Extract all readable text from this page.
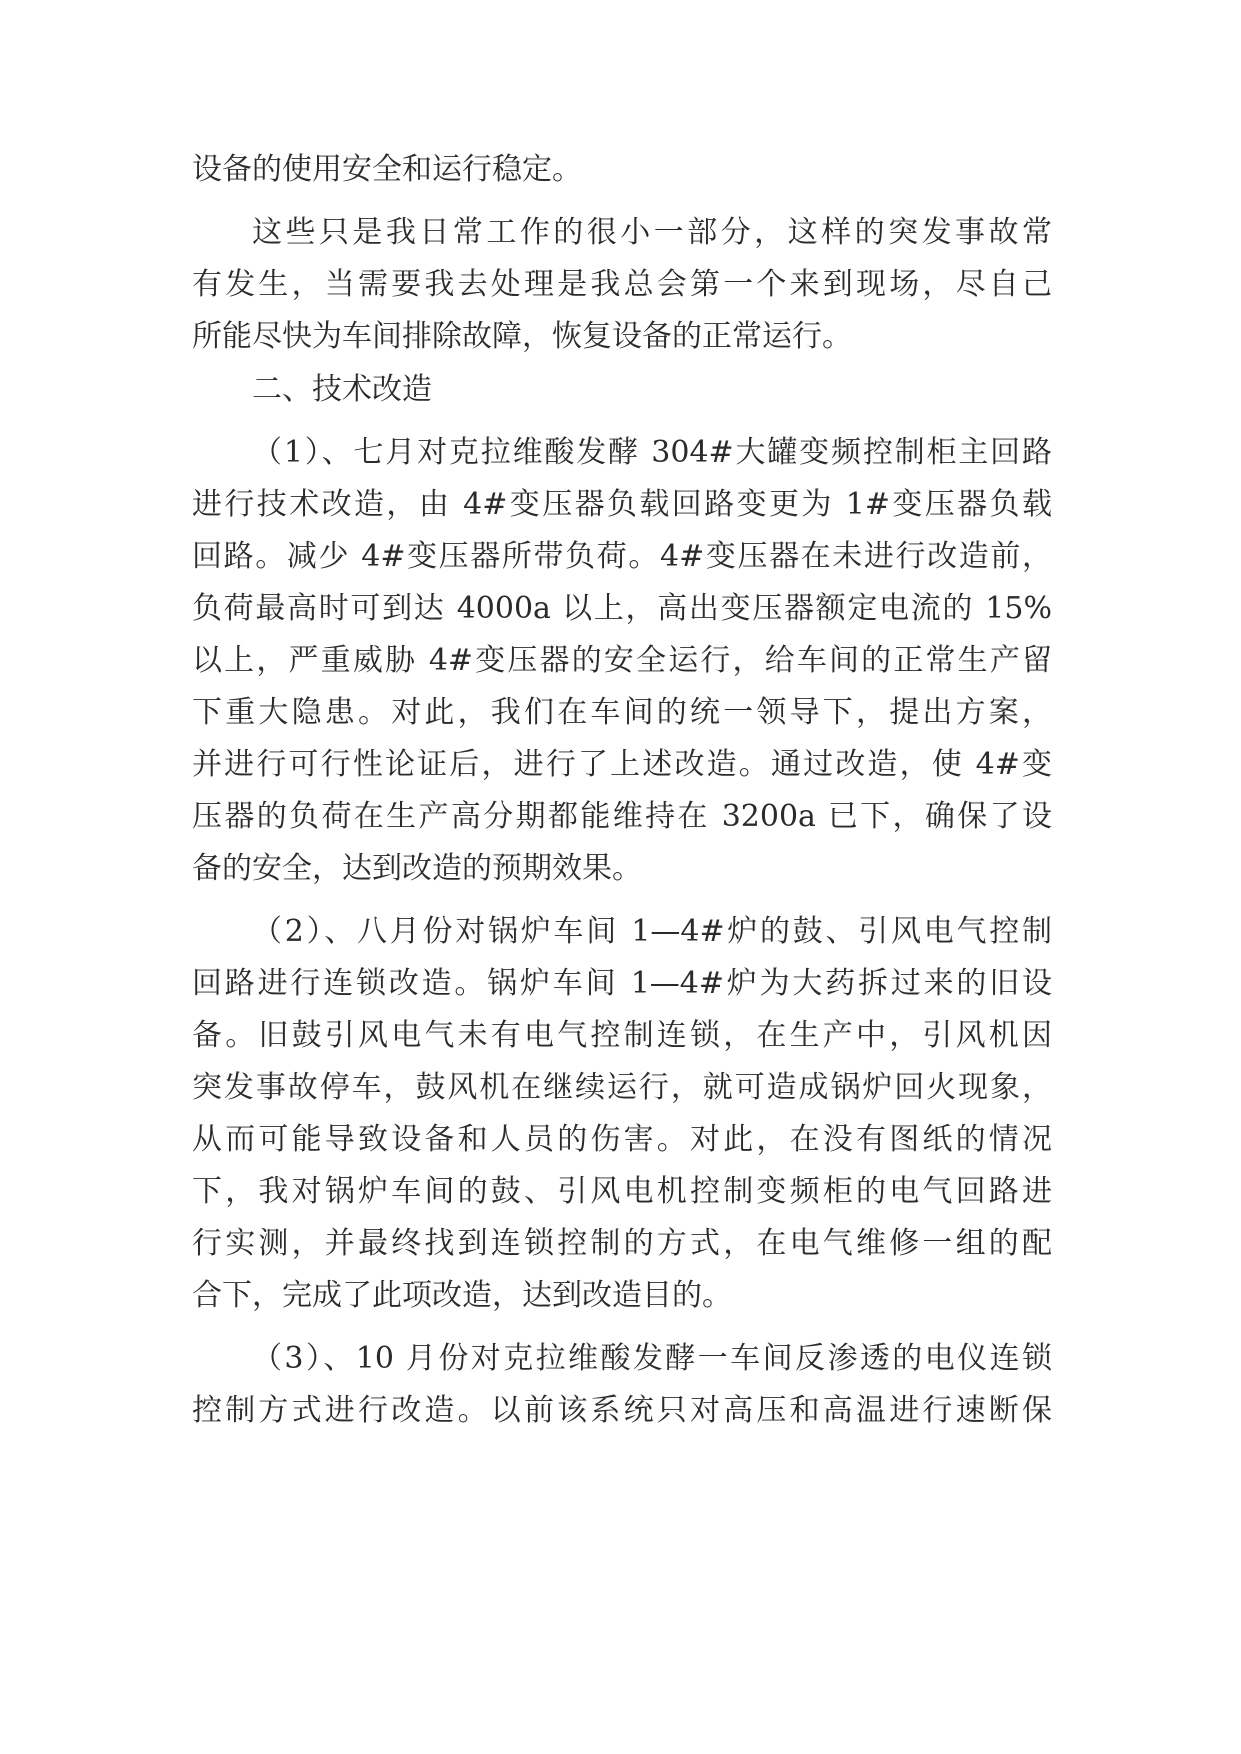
设备的使用安全和运行稳定。

这些只是我日常工作的很小一部分，这样的突发事故常

有发生，当需要我去处理是我总会第一个来到现场，尽自己

所能尽快为车间排除故障，恢复设备的正常运行。

二、技术改造

（1）、七月对克拉维酸发酵 304#大罐变频控制柜主回路

进行技术改造，由 4#变压器负载回路变更为 1#变压器负载

回路。减少 4#变压器所带负荷。4#变压器在未进行改造前，

负荷最高时可到达 4000a 以上，高出变压器额定电流的 15%

以上，严重威胁 4#变压器的安全运行，给车间的正常生产留

下重大隐患。对此，我们在车间的统一领导下，提出方案，

并进行可行性论证后，进行了上述改造。通过改造，使 4#变

压器的负荷在生产高分期都能维持在 3200a 已下，确保了设

备的安全，达到改造的预期效果。

（2）、八月份对锅炉车间 1—4#炉的鼓、引风电气控制

回路进行连锁改造。锅炉车间 1—4#炉为大药拆过来的旧设

备。旧鼓引风电气未有电气控制连锁，在生产中，引风机因

突发事故停车，鼓风机在继续运行，就可造成锅炉回火现象，

从而可能导致设备和人员的伤害。对此，在没有图纸的情况

下，我对锅炉车间的鼓、引风电机控制变频柜的电气回路进

行实测，并最终找到连锁控制的方式，在电气维修一组的配

合下，完成了此项改造，达到改造目的。

（3）、10 月份对克拉维酸发酵一车间反渗透的电仪连锁

控制方式进行改造。以前该系统只对高压和高温进行速断保
